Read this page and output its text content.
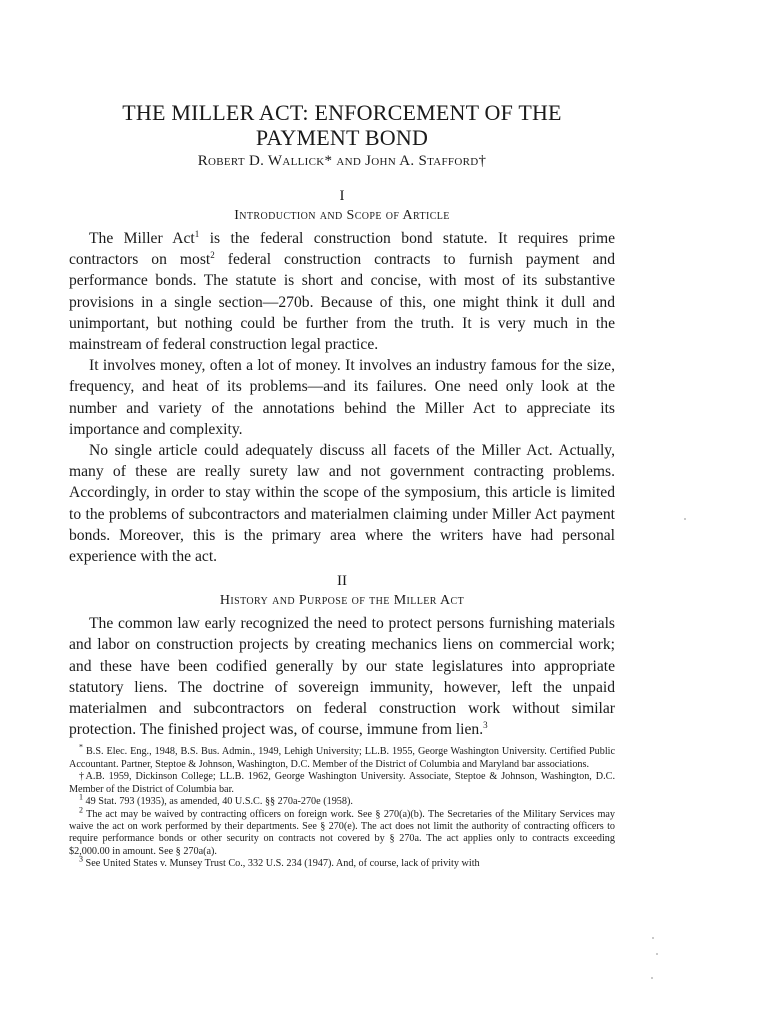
THE MILLER ACT: ENFORCEMENT OF THE
PAYMENT BOND
Robert D. Wallick* and John A. Stafford†
I
Introduction and Scope of Article

The Miller Act$^1$ is the federal construction bond statute. It requires prime contractors on most$^2$ federal construction contracts to furnish payment and performance bonds. The statute is short and concise, with most of its substantive provisions in a single section—270b. Because of this, one might think it dull and unimportant, but nothing could be further from the truth. It is very much in the mainstream of federal construction legal practice.

It involves money, often a lot of money. It involves an industry famous for the size, frequency, and heat of its problems—and its failures. One need only look at the number and variety of the annotations behind the Miller Act to appreciate its importance and complexity.

No single article could adequately discuss all facets of the Miller Act. Actually, many of these are really surety law and not government contracting problems. Accordingly, in order to stay within the scope of the symposium, this article is limited to the problems of subcontractors and materialmen claiming under Miller Act payment bonds. Moreover, this is the primary area where the writers have had personal experience with the act.

II
History and Purpose of the Miller Act

The common law early recognized the need to protect persons furnishing materials and labor on construction projects by creating mechanics liens on commercial work; and these have been codified generally by our state legislatures into appropriate statutory liens. The doctrine of sovereign immunity, however, left the unpaid materialmen and subcontractors on federal construction work without similar protection. The finished project was, of course, immune from lien.$^3$

* B.S. Elec. Eng., 1948, B.S. Bus. Admin., 1949, Lehigh University; LL.B. 1955, George Washington University. Certified Public Accountant. Partner, Steptoe & Johnson, Washington, D.C. Member of the District of Columbia and Maryland bar associations.

†A.B. 1959, Dickinson College; LL.B. 1962, George Washington University. Associate, Steptoe & Johnson, Washington, D.C. Member of the District of Columbia bar.

$^1$ 49 Stat. 793 (1935), as amended, 40 U.S.C. §§ 270a-270e (1958).

$^2$ The act may be waived by contracting officers on foreign work. See § 270(a)(b). The Secretaries of the Military Services may waive the act on work performed by their departments. See § 270(e). The act does not limit the authority of contracting officers to require performance bonds or other security on contracts not covered by § 270a. The act applies only to contracts exceeding $2,000.00 in amount. See § 270a(a).

$^3$ See United States v. Munsey Trust Co., 332 U.S. 234 (1947). And, of course, lack of privity with
